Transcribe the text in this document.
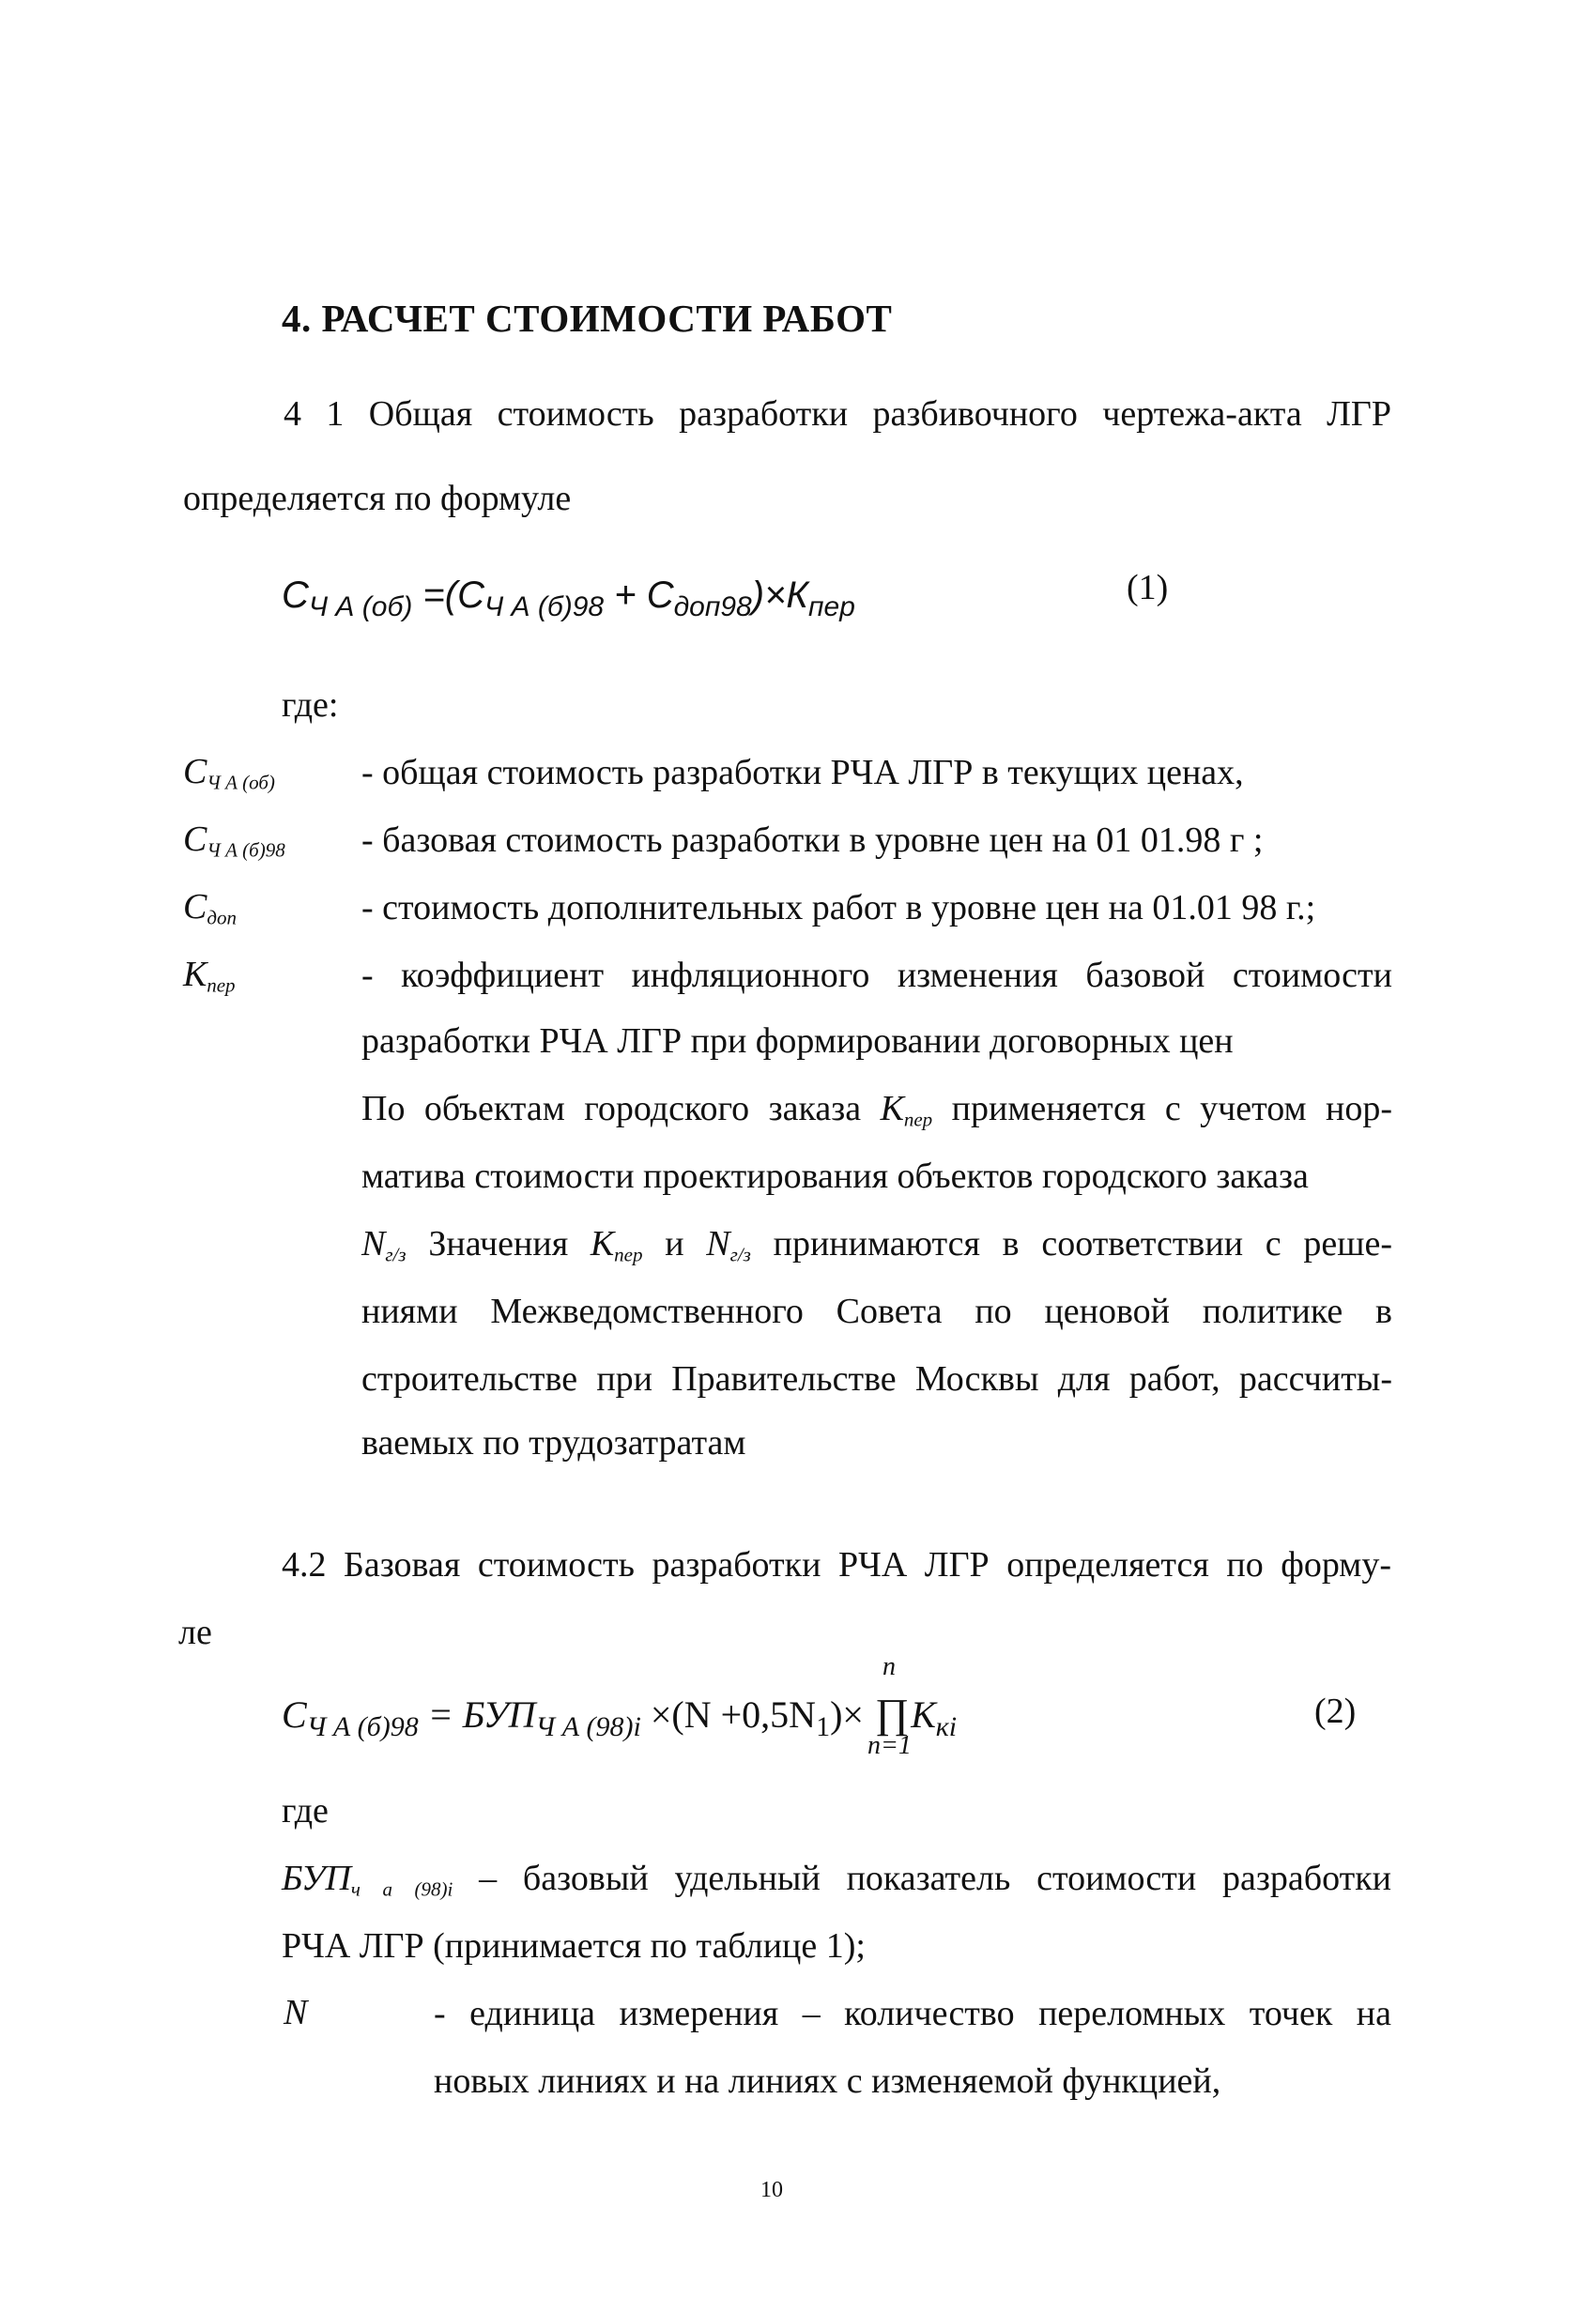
4. РАСЧЕТ СТОИМОСТИ РАБОТ
4 1 Общая стоимость разработки разбивочного чертежа-акта ЛГР
определяется по формуле
$С_{Ч А (об)} =(С_{Ч А (б)98} + С_{доп98})\times К_{пер}$	(1)
где:
$С_{Ч А (об)}$ - общая стоимость разработки РЧА ЛГР в текущих ценах,
$С_{Ч А (б)98}$ - базовая стоимость разработки в уровне цен на 01 01.98 г ;
$С_{доп}$	- стоимость дополнительных работ в уровне цен на 01.01 98 г.;
$К_{пер}$	- коэффициент инфляционного изменения базовой стоимости
разработки РЧА ЛГР при формировании договорных цен
По объектам городского заказа $К_{пер}$ применяется с учетом нор-
матива стоимости проектирования объектов городского заказа
$N_{г/з}$ Значения $К_{пер}$ и $N_{г/з}$ принимаются в соответствии с реше-
ниями Межведомственного Совета по ценовой политике в
строительстве при Правительстве Москвы для работ, рассчиты-
ваемых по трудозатратам
4.2 Базовая стоимость разработки РЧА ЛГР определяется по форму-
ле
$С_{Ч А (б)98} = БУП_{Ч А (98)i} \times(N +0,5N_1)\times$
n
∏
n=1
$К_{кi}$	(2)
где
$БУП_{ч а (98)i}$ – базовый удельный показатель стоимости разработки
РЧА ЛГР (принимается по таблице 1);
N	- единица измерения – количество переломных точек на
новых линиях и на линиях с изменяемой функцией,
10
